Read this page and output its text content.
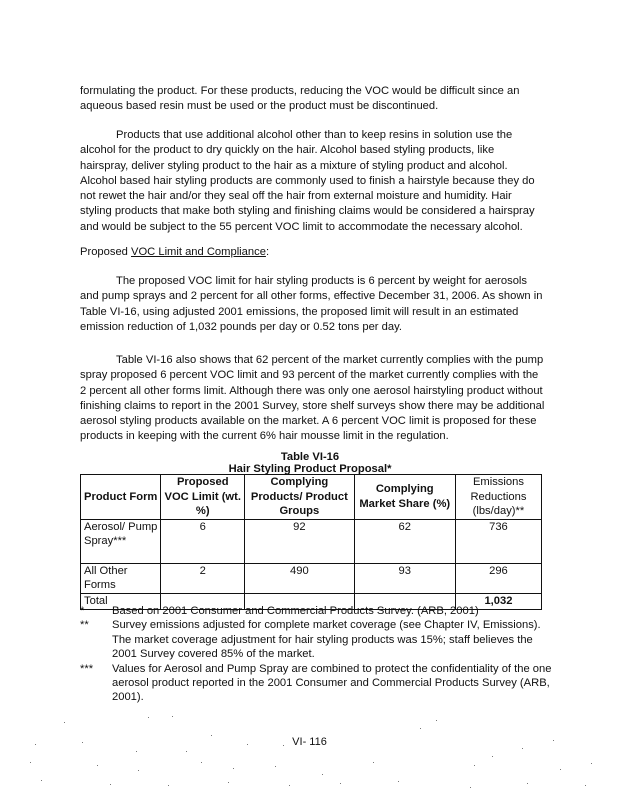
formulating the product. For these products, reducing the VOC would be difficult since an aqueous based resin must be used or the product must be discontinued.

Products that use additional alcohol other than to keep resins in solution use the alcohol for the product to dry quickly on the hair. Alcohol based styling products, like hairspray, deliver styling product to the hair as a mixture of styling product and alcohol. Alcohol based hair styling products are commonly used to finish a hairstyle because they do not rewet the hair and/or they seal off the hair from external moisture and humidity. Hair styling products that make both styling and finishing claims would be considered a hairspray and would be subject to the 55 percent VOC limit to accommodate the necessary alcohol.

Proposed VOC Limit and Compliance:

The proposed VOC limit for hair styling products is 6 percent by weight for aerosols and pump sprays and 2 percent for all other forms, effective December 31, 2006. As shown in Table VI-16, using adjusted 2001 emissions, the proposed limit will result in an estimated emission reduction of 1,032 pounds per day or 0.52 tons per day.

Table VI-16 also shows that 62 percent of the market currently complies with the pump spray proposed 6 percent VOC limit and 93 percent of the market currently complies with the 2 percent all other forms limit. Although there was only one aerosol hairstyling product without finishing claims to report in the 2001 Survey, store shelf surveys show there may be additional aerosol styling products available on the market. A 6 percent VOC limit is proposed for these products in keeping with the current 6% hair mousse limit in the regulation.

Table VI-16
Hair Styling Product Proposal*
Product Form	Proposed VOC Limit (wt. %)	Complying Products/ Product Groups	Complying Market Share (%)	Emissions Reductions (lbs/day)**
Aerosol/ Pump Spray***	6	92	62	736
All Other Forms	2	490	93	296
Total				1,032
*	Based on 2001 Consumer and Commercial Products Survey. (ARB, 2001)
**	Survey emissions adjusted for complete market coverage (see Chapter IV, Emissions). The market coverage adjustment for hair styling products was 15%; staff believes the 2001 Survey covered 85% of the market.
***	Values for Aerosol and Pump Spray are combined to protect the confidentiality of the one aerosol product reported in the 2001 Consumer and Commercial Products Survey (ARB, 2001).
VI- 116
